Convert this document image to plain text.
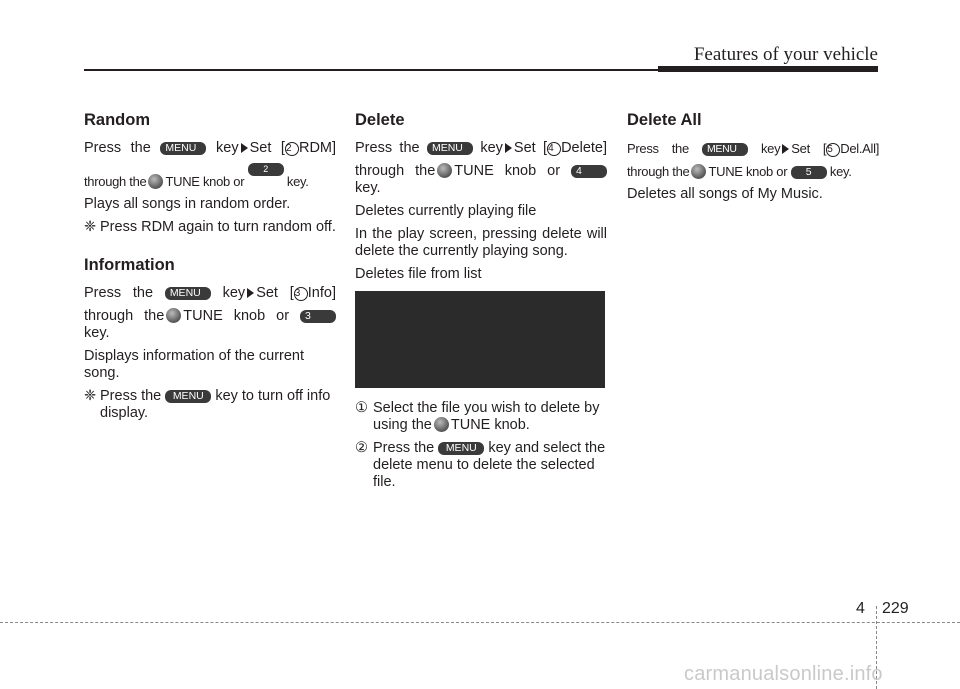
Features of your vehicle
Random

Press the MENU key Set [2 RDM]

through the TUNE knob or 2 RDM key.

Plays all songs in random order.

❈ Press RDM again to turn random off.

Information

Press the MENU key Set [3 Info]

through the TUNE knob or 3

key.

Displays information of the current song.

❈ Press the MENU key to turn off info display.

Delete

Press the MENU key Set [4 Delete]

through the TUNE knob or 4

key.

Deletes currently playing file

In the play screen, pressing delete will delete the currently playing song.

Deletes file from list

① Select the file you wish to delete by using the TUNE knob.

② Press the MENU key and select the delete menu to delete the selected file.

Delete All

Press the MENU key Set [5 Del.All]

through the TUNE knob or 5 key.

Deletes all songs of My Music.

4 229
carmanualsonline.info
